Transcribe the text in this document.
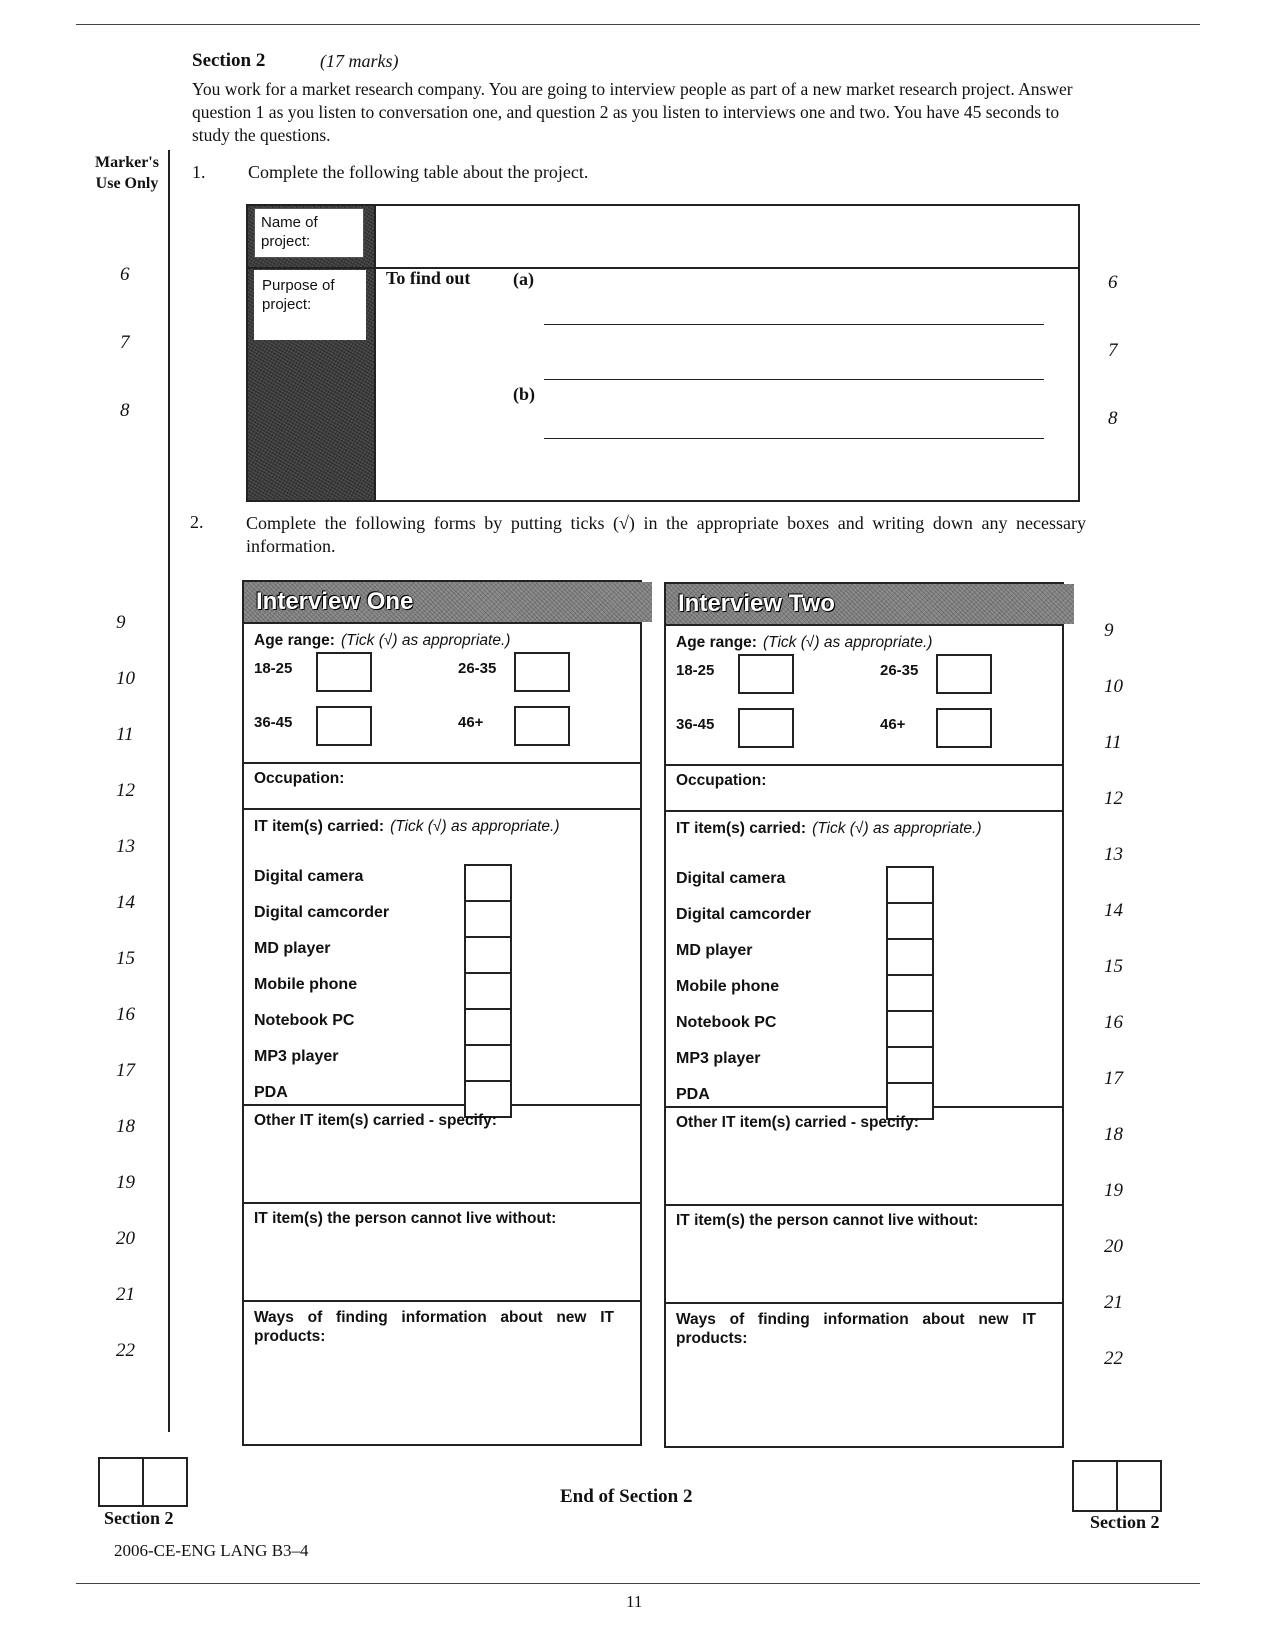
Section 2	(17 marks)
You work for a market research company. You are going to interview people as part of a new market research project. Answer question 1 as you listen to conversation one, and question 2 as you listen to interviews one and two. You have 45 seconds to study the questions.
Marker's
Use Only
1. Complete the following table about the project.
Name of project:
Purpose of project:
To find out (a)
(b)
6
7
8
6
7
8
2. Complete the following forms by putting ticks (√) in the appropriate boxes and writing down any necessary information.
Interview One
Age range: (Tick (√) as appropriate.)
18-25	26-35
36-45	46+
Occupation:
IT item(s) carried: (Tick (√) as appropriate.)
Digital camera
Digital camcorder
MD player
Mobile phone
Notebook PC
MP3 player
PDA
Other IT item(s) carried - specify:
IT item(s) the person cannot live without:
Ways of finding information about new IT products:
Interview Two
Age range: (Tick (√) as appropriate.)
18-25	26-35
36-45	46+
Occupation:
IT item(s) carried: (Tick (√) as appropriate.)
Digital camera
Digital camcorder
MD player
Mobile phone
Notebook PC
MP3 player
PDA
Other IT item(s) carried - specify:
IT item(s) the person cannot live without:
Ways of finding information about new IT products:
9	9
10	10
11	11
12	12
13	13
14	14
15	15
16	16
17	17
18	18
19	19
20	20
21	21
22	22
Section 2	Section 2
End of Section 2
2006-CE-ENG LANG B3–4
11
